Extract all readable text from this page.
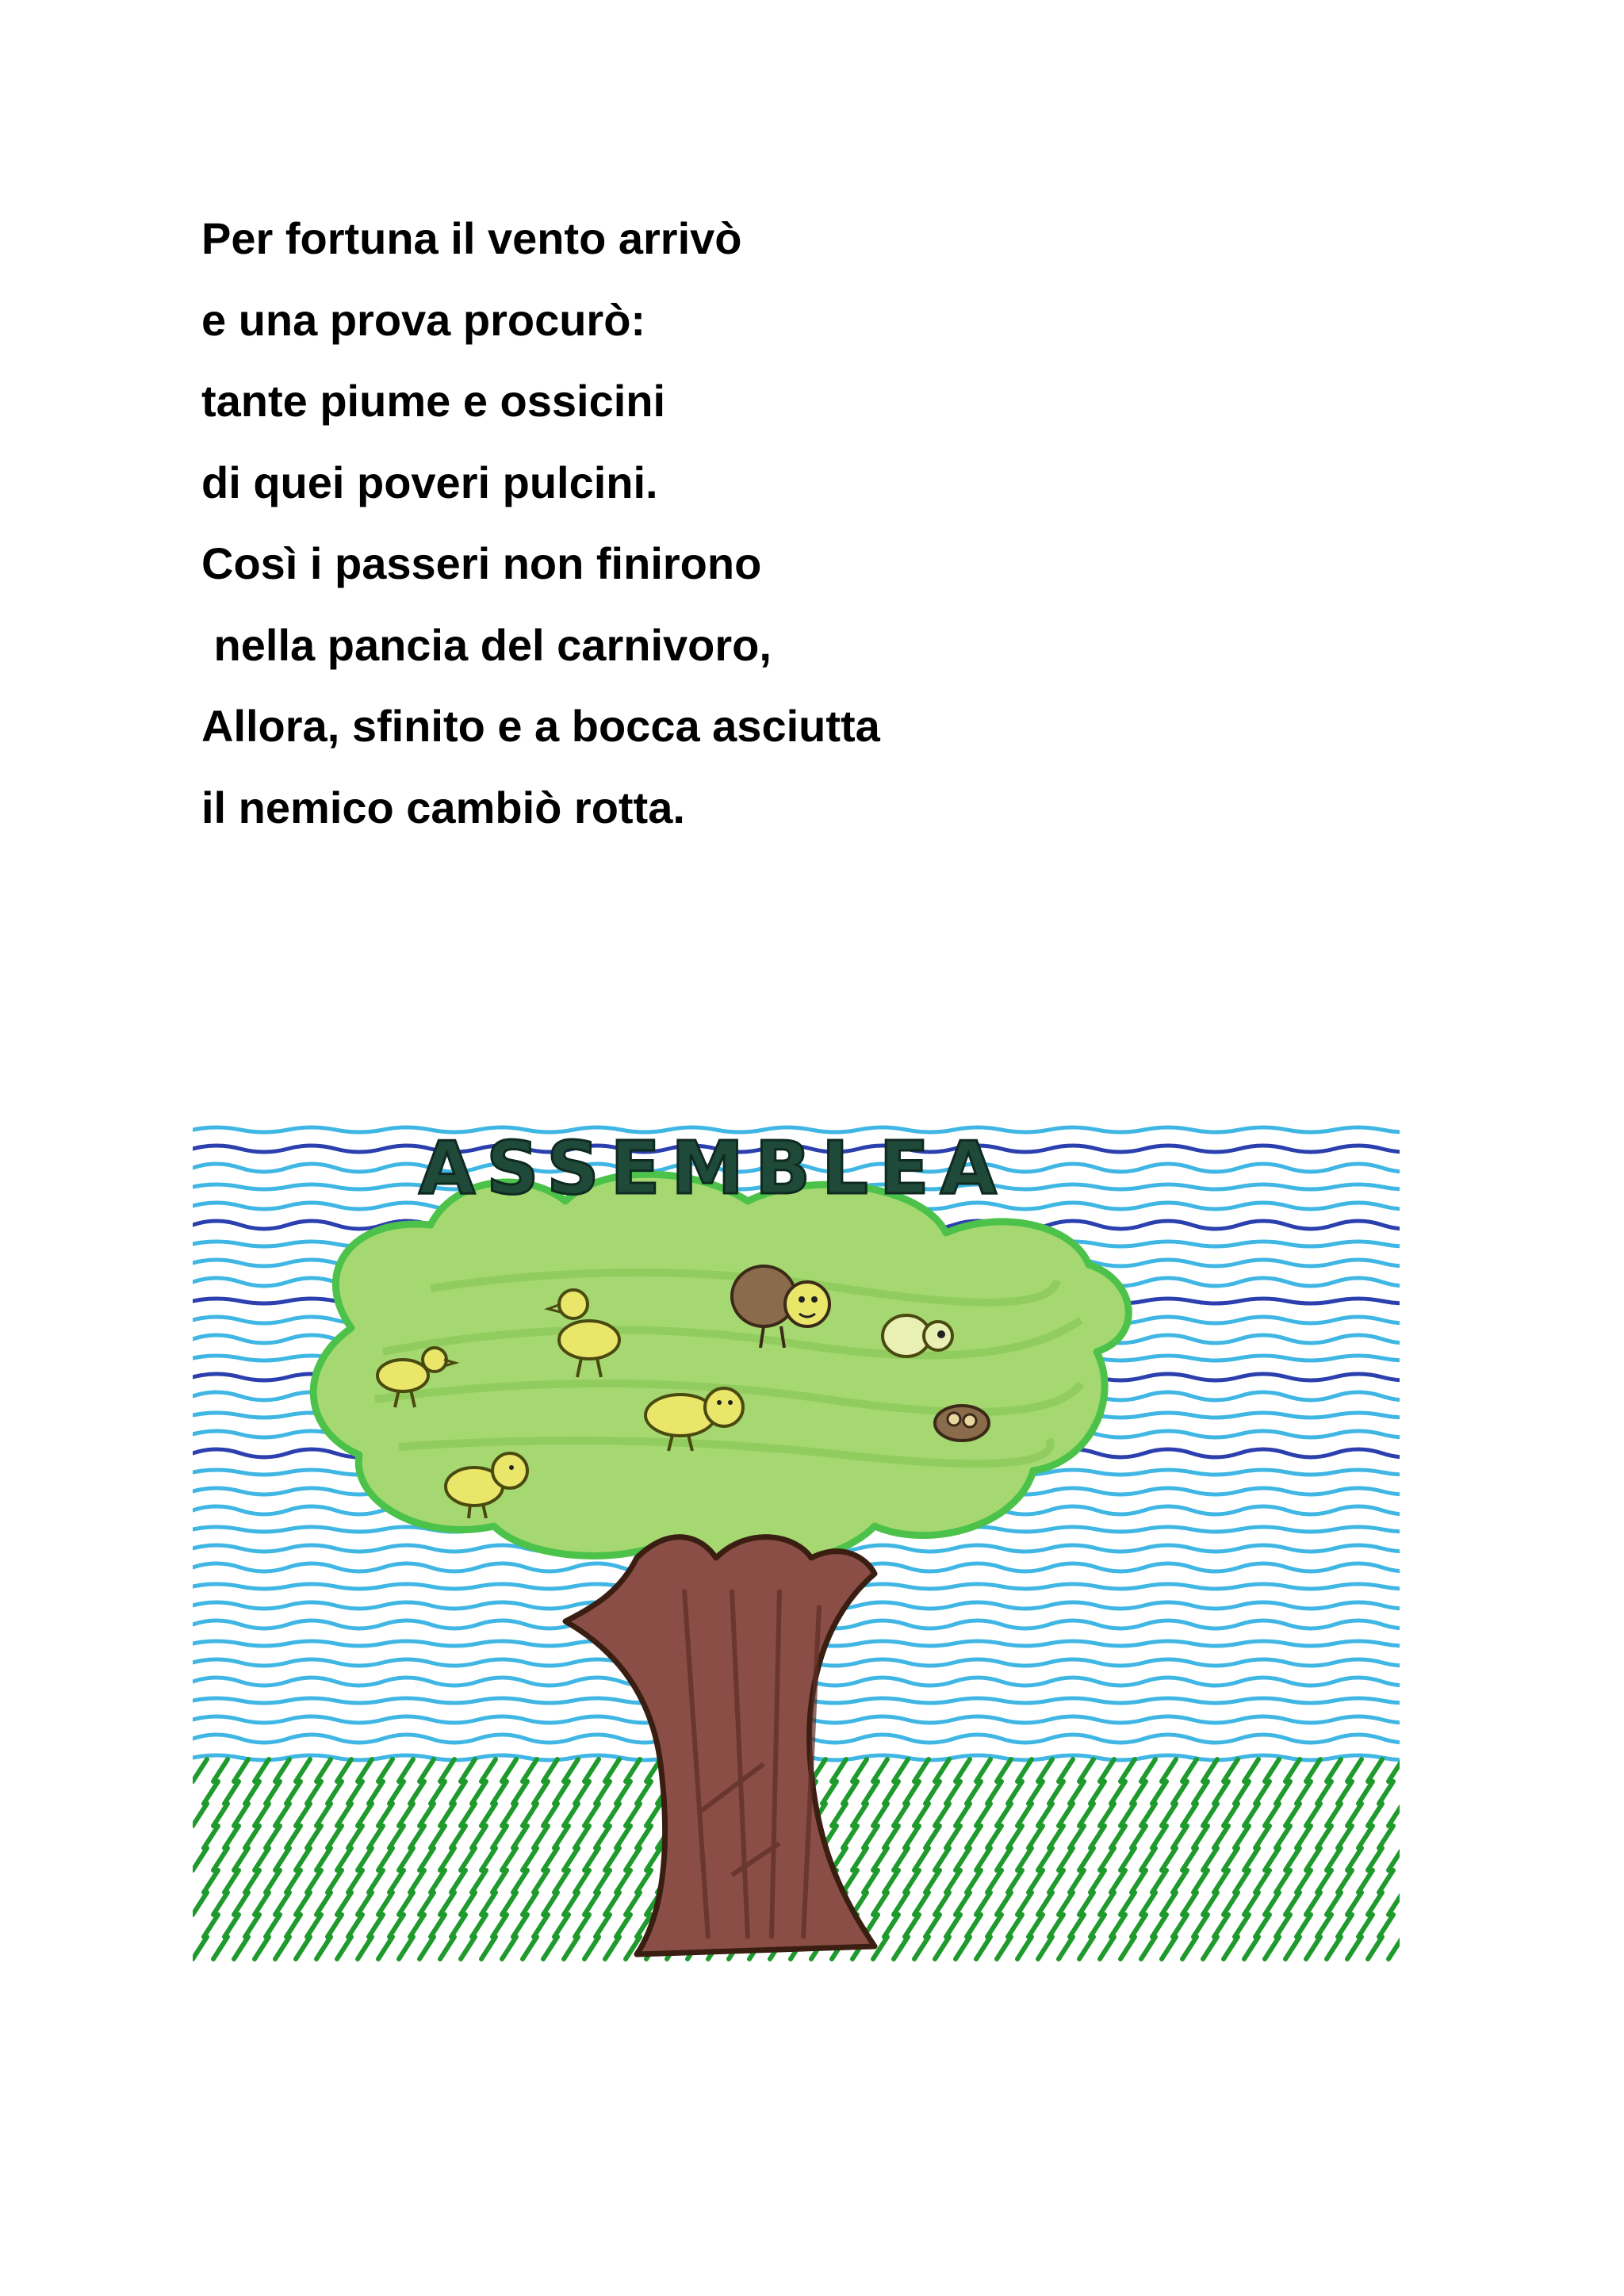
Per fortuna il vento arrivò
e una prova procurò:
tante piume e ossicini
di quei poveri pulcini.
Così i passeri non finirono
nella pancia del carnivoro,
Allora, sfinito e a bocca asciutta
il nemico cambiò rotta.
ASSEMBLEA
